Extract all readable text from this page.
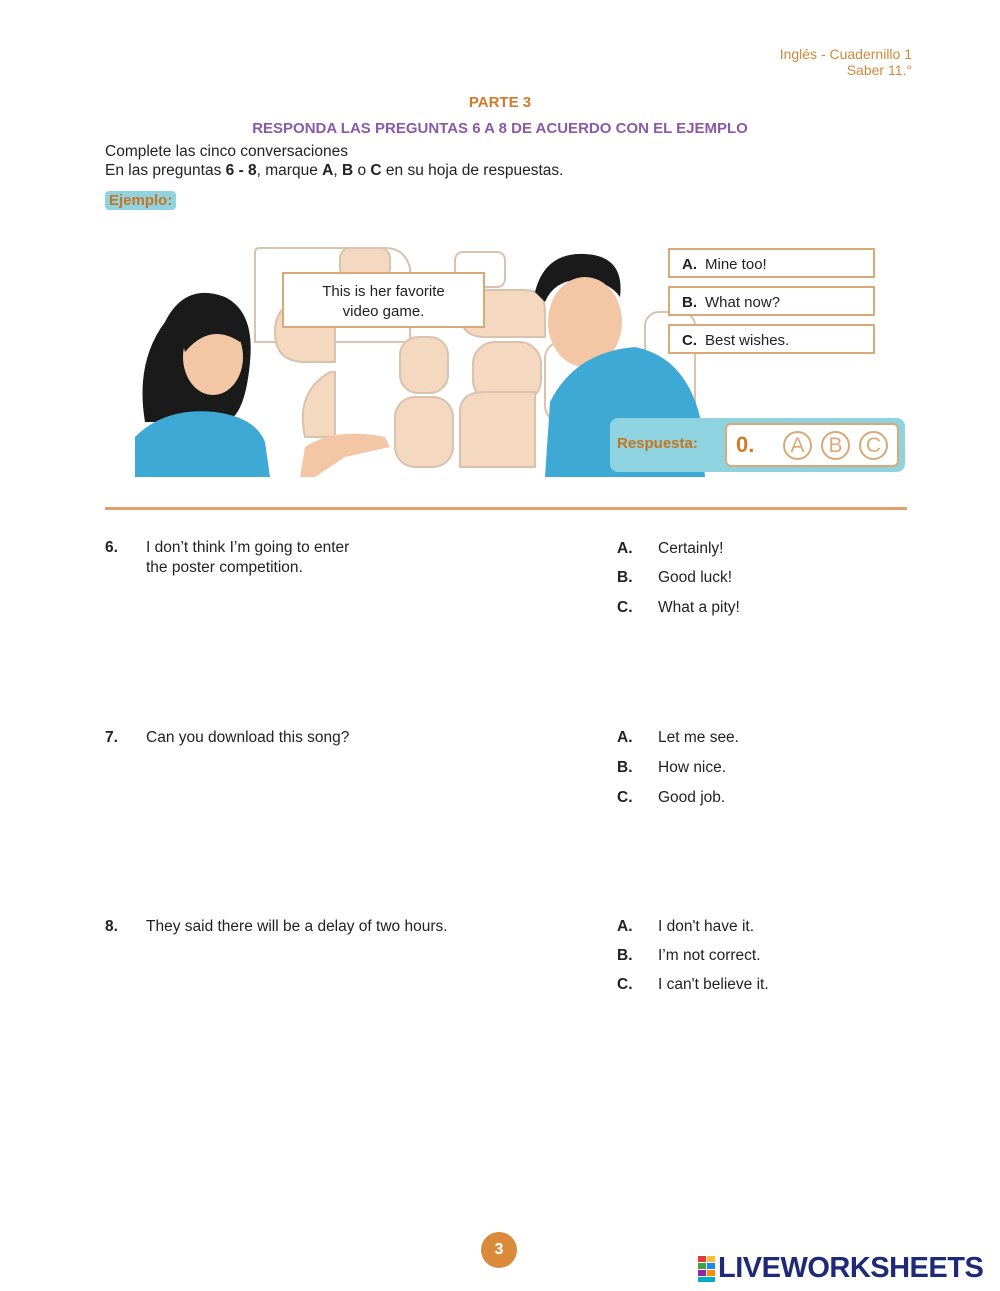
Inglés - Cuadernillo 1
Saber 11.°
PARTE 3
RESPONDA LAS PREGUNTAS 6 A 8 DE ACUERDO CON EL EJEMPLO
Complete las cinco conversaciones
En las preguntas 6 - 8, marque A, B o C en su hoja de respuestas.
Ejemplo:
This is her favorite
video game.
A. Mine too!
B. What now?
C. Best wishes.
Respuesta: 0.	A	B	C
6. I don’t think I’m going to enter
the poster competition.
A. Certainly!
B. Good luck!
C. What a pity!
7. Can you download this song?	A. Let me see.
B. How nice.
C. Good job.
8. They said there will be a delay of two hours.	A. I don't have it.
B. I’m not correct.
C. I can't believe it.
3
LIVEWORKSHEETS
